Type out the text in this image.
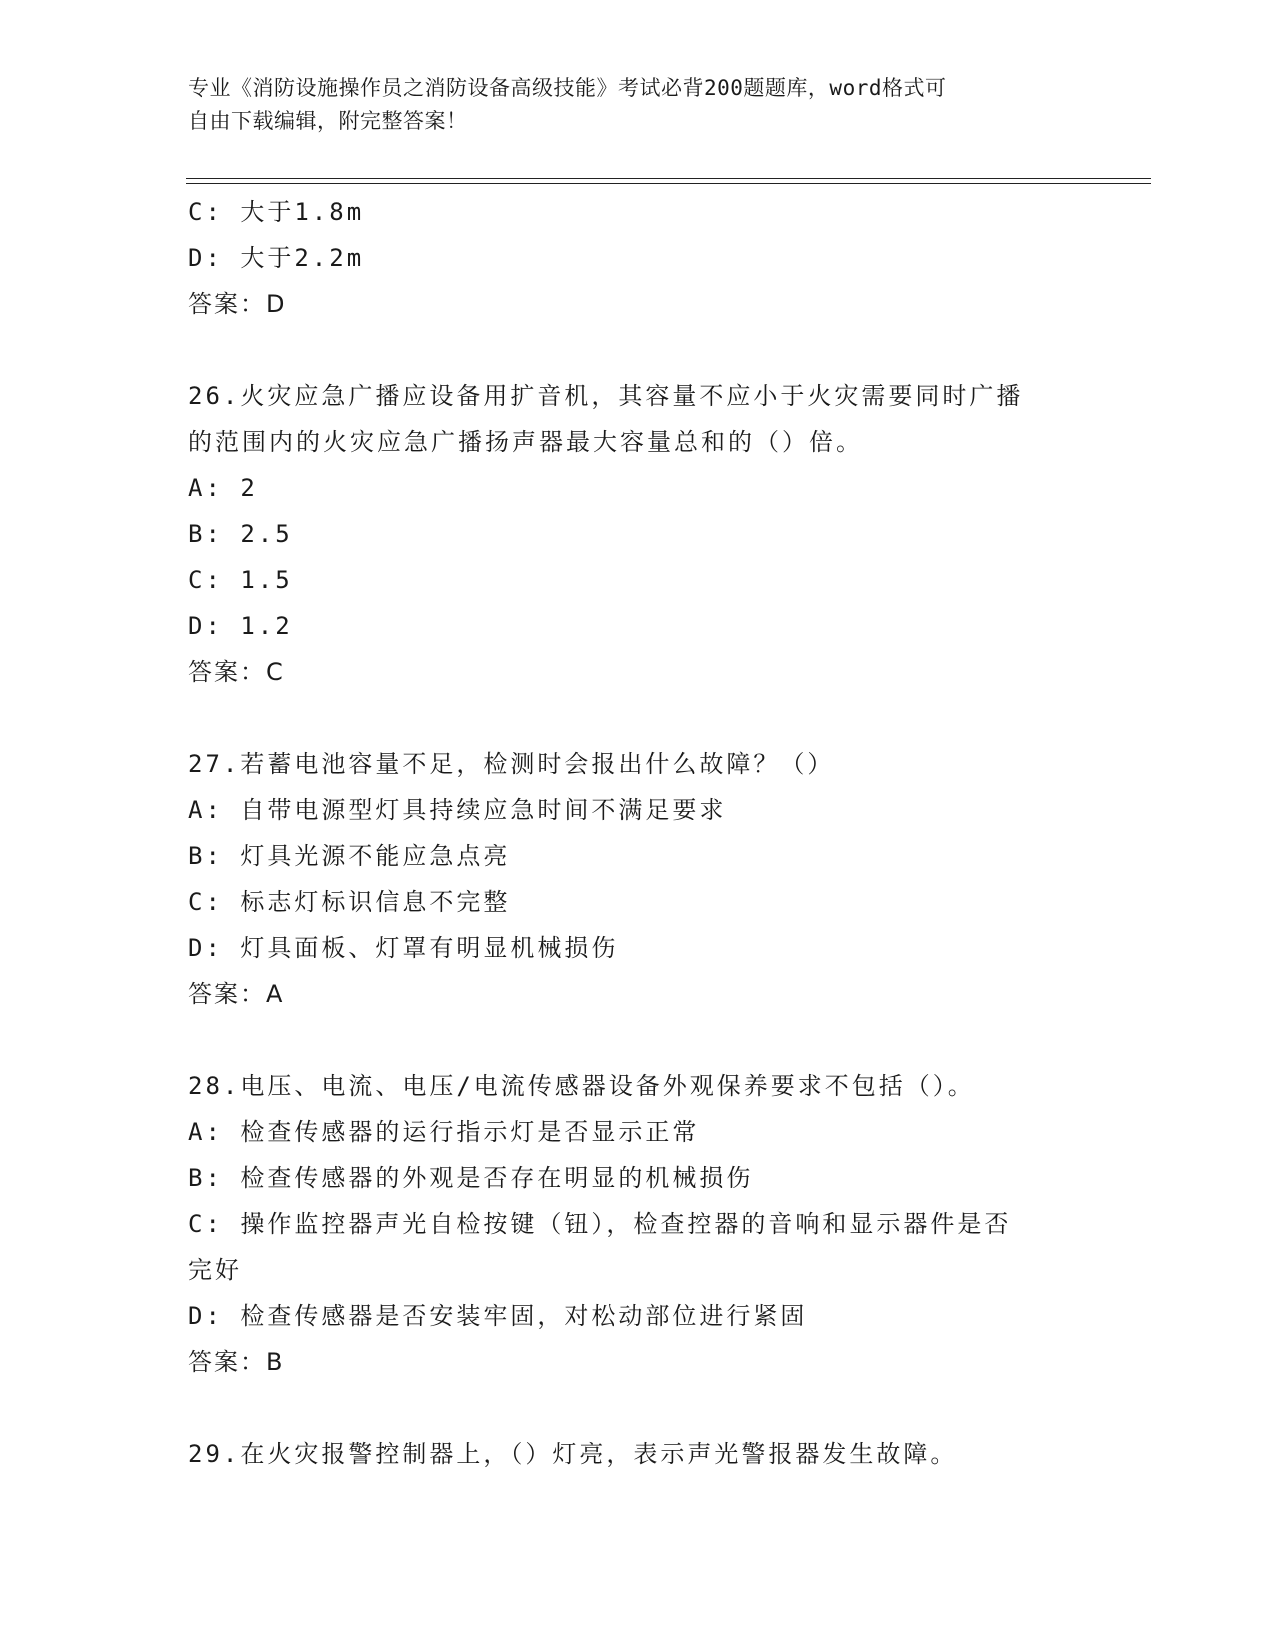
专业《消防设施操作员之消防设备高级技能》考试必背200题题库，word格式可
自由下载编辑，附完整答案！
C: 大于1.8m
D: 大于2.2m
答案：D
26.火灾应急广播应设备用扩音机，其容量不应小于火灾需要同时广播
的范围内的火灾应急广播扬声器最大容量总和的（）倍。
A: 2
B: 2.5
C: 1.5
D: 1.2
答案：C
27.若蓄电池容量不足，检测时会报出什么故障？（）
A: 自带电源型灯具持续应急时间不满足要求
B: 灯具光源不能应急点亮
C: 标志灯标识信息不完整
D: 灯具面板、灯罩有明显机械损伤
答案：A
28.电压、电流、电压/电流传感器设备外观保养要求不包括（）。
A: 检查传感器的运行指示灯是否显示正常
B: 检查传感器的外观是否存在明显的机械损伤
C: 操作监控器声光自检按键（钮），检查控器的音响和显示器件是否
完好
D: 检查传感器是否安装牢固，对松动部位进行紧固
答案：B
29.在火灾报警控制器上，（）灯亮，表示声光警报器发生故障。
